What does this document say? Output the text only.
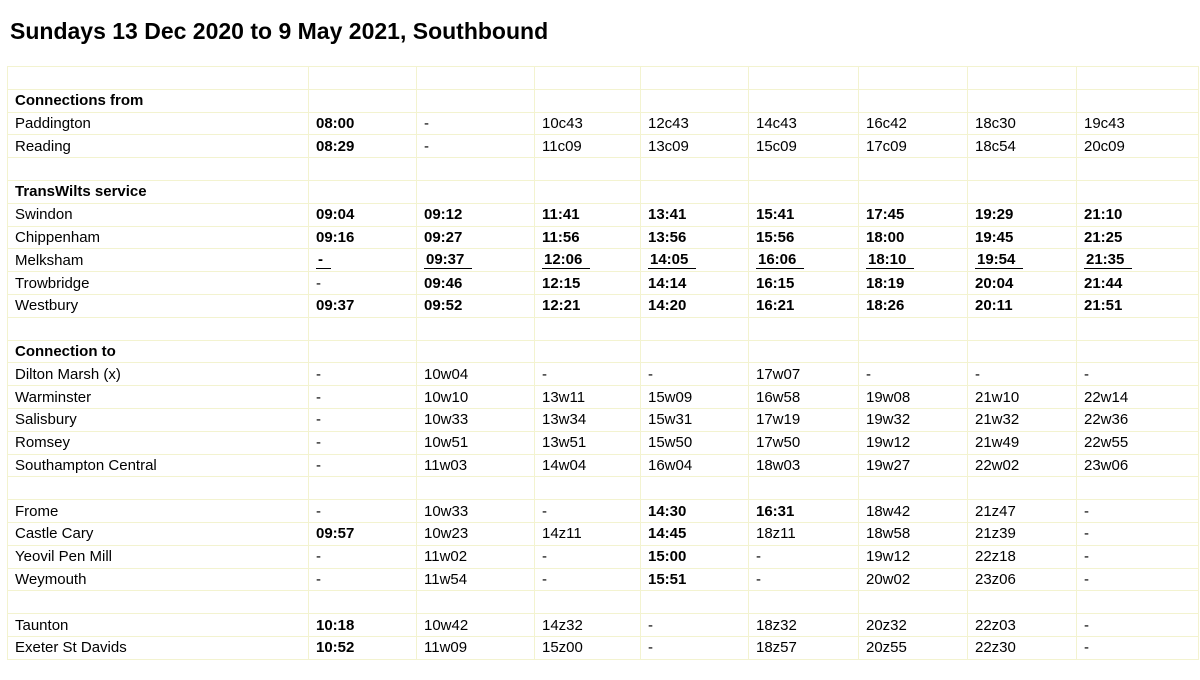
Sundays 13 Dec 2020 to 9 May 2021, Southbound

Connections from								
Paddington	08:00	-	10c43	12c43	14c43	16c42	18c30	19c43
Reading	08:29	-	11c09	13c09	15c09	17c09	18c54	20c09

TransWilts service								
Swindon	09:04	09:12	11:41	13:41	15:41	17:45	19:29	21:10
Chippenham	09:16	09:27	11:56	13:56	15:56	18:00	19:45	21:25
Melksham	-	09:37	12:06	14:05	16:06	18:10	19:54	21:35
Trowbridge	-	09:46	12:15	14:14	16:15	18:19	20:04	21:44
Westbury	09:37	09:52	12:21	14:20	16:21	18:26	20:11	21:51

Connection to								
Dilton Marsh (x)	-	10w04	-	-	17w07	-	-	-
Warminster	-	10w10	13w11	15w09	16w58	19w08	21w10	22w14
Salisbury	-	10w33	13w34	15w31	17w19	19w32	21w32	22w36
Romsey	-	10w51	13w51	15w50	17w50	19w12	21w49	22w55
Southampton Central	-	11w03	14w04	16w04	18w03	19w27	22w02	23w06

Frome	-	10w33	-	14:30	16:31	18w42	21z47	-
Castle Cary	09:57	10w23	14z11	14:45	18z11	18w58	21z39	-
Yeovil Pen Mill	-	11w02	-	15:00	-	19w12	22z18	-
Weymouth	-	11w54	-	15:51	-	20w02	23z06	-

Taunton	10:18	10w42	14z32	-	18z32	20z32	22z03	-
Exeter St Davids	10:52	11w09	15z00	-	18z57	20z55	22z30	-
